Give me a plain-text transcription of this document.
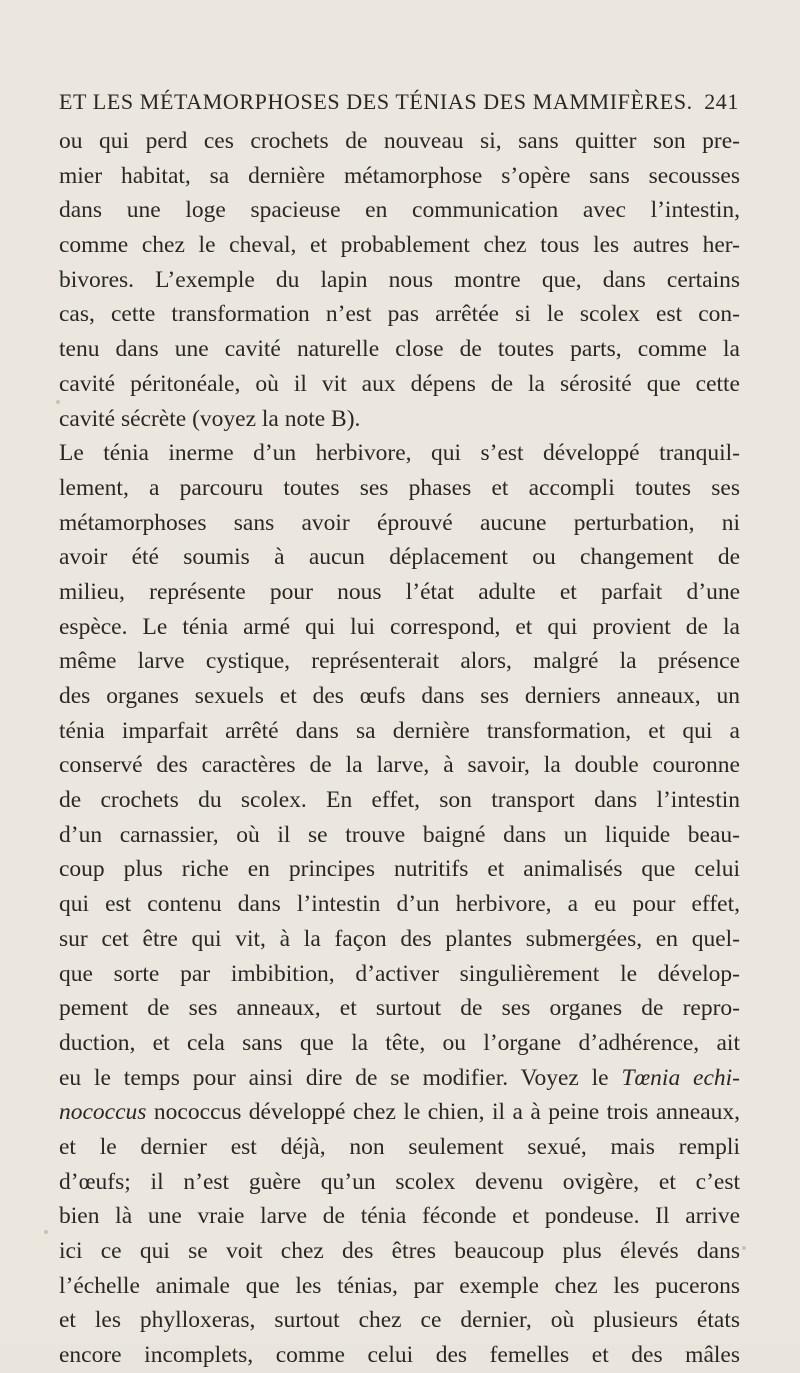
ET LES MÉTAMORPHOSES DES TÉNIAS DES MAMMIFÈRES. 241
ou qui perd ces crochets de nouveau si, sans quitter son pre-
mier habitat, sa dernière métamorphose s’opère sans secousses
dans une loge spacieuse en communication avec l’intestin,
comme chez le cheval, et probablement chez tous les autres her-
bivores. L’exemple du lapin nous montre que, dans certains
cas, cette transformation n’est pas arrêtée si le scolex est con-
tenu dans une cavité naturelle close de toutes parts, comme la
cavité péritonéale, où il vit aux dépens de la sérosité que cette
cavité sécrète (voyez la note B).
Le ténia inerme d’un herbivore, qui s’est développé tranquil-
lement, a parcouru toutes ses phases et accompli toutes ses
métamorphoses sans avoir éprouvé aucune perturbation, ni
avoir été soumis à aucun déplacement ou changement de
milieu, représente pour nous l’état adulte et parfait d’une
espèce. Le ténia armé qui lui correspond, et qui provient de la
même larve cystique, représenterait alors, malgré la présence
des organes sexuels et des œufs dans ses derniers anneaux, un
ténia imparfait arrêté dans sa dernière transformation, et qui a
conservé des caractères de la larve, à savoir, la double couronne
de crochets du scolex. En effet, son transport dans l’intestin
d’un carnassier, où il se trouve baigné dans un liquide beau-
coup plus riche en principes nutritifs et animalisés que celui
qui est contenu dans l’intestin d’un herbivore, a eu pour effet,
sur cet être qui vit, à la façon des plantes submergées, en quel-
que sorte par imbibition, d’activer singulièrement le dévelop-
pement de ses anneaux, et surtout de ses organes de repro-
duction, et cela sans que la tête, ou l’organe d’adhérence, ait
eu le temps pour ainsi dire de se modifier. Voyez le Tœnia echi-
nococcus nococcus développé chez le chien, il a à peine trois anneaux,
et le dernier est déjà, non seulement sexué, mais rempli
d’œufs; il n’est guère qu’un scolex devenu ovigère, et c’est
bien là une vraie larve de ténia féconde et pondeuse. Il arrive
ici ce qui se voit chez des êtres beaucoup plus élevés dans
l’échelle animale que les ténias, par exemple chez les pucerons
et les phylloxeras, surtout chez ce dernier, où plusieurs états
encore incomplets, comme celui des femelles et des mâles
